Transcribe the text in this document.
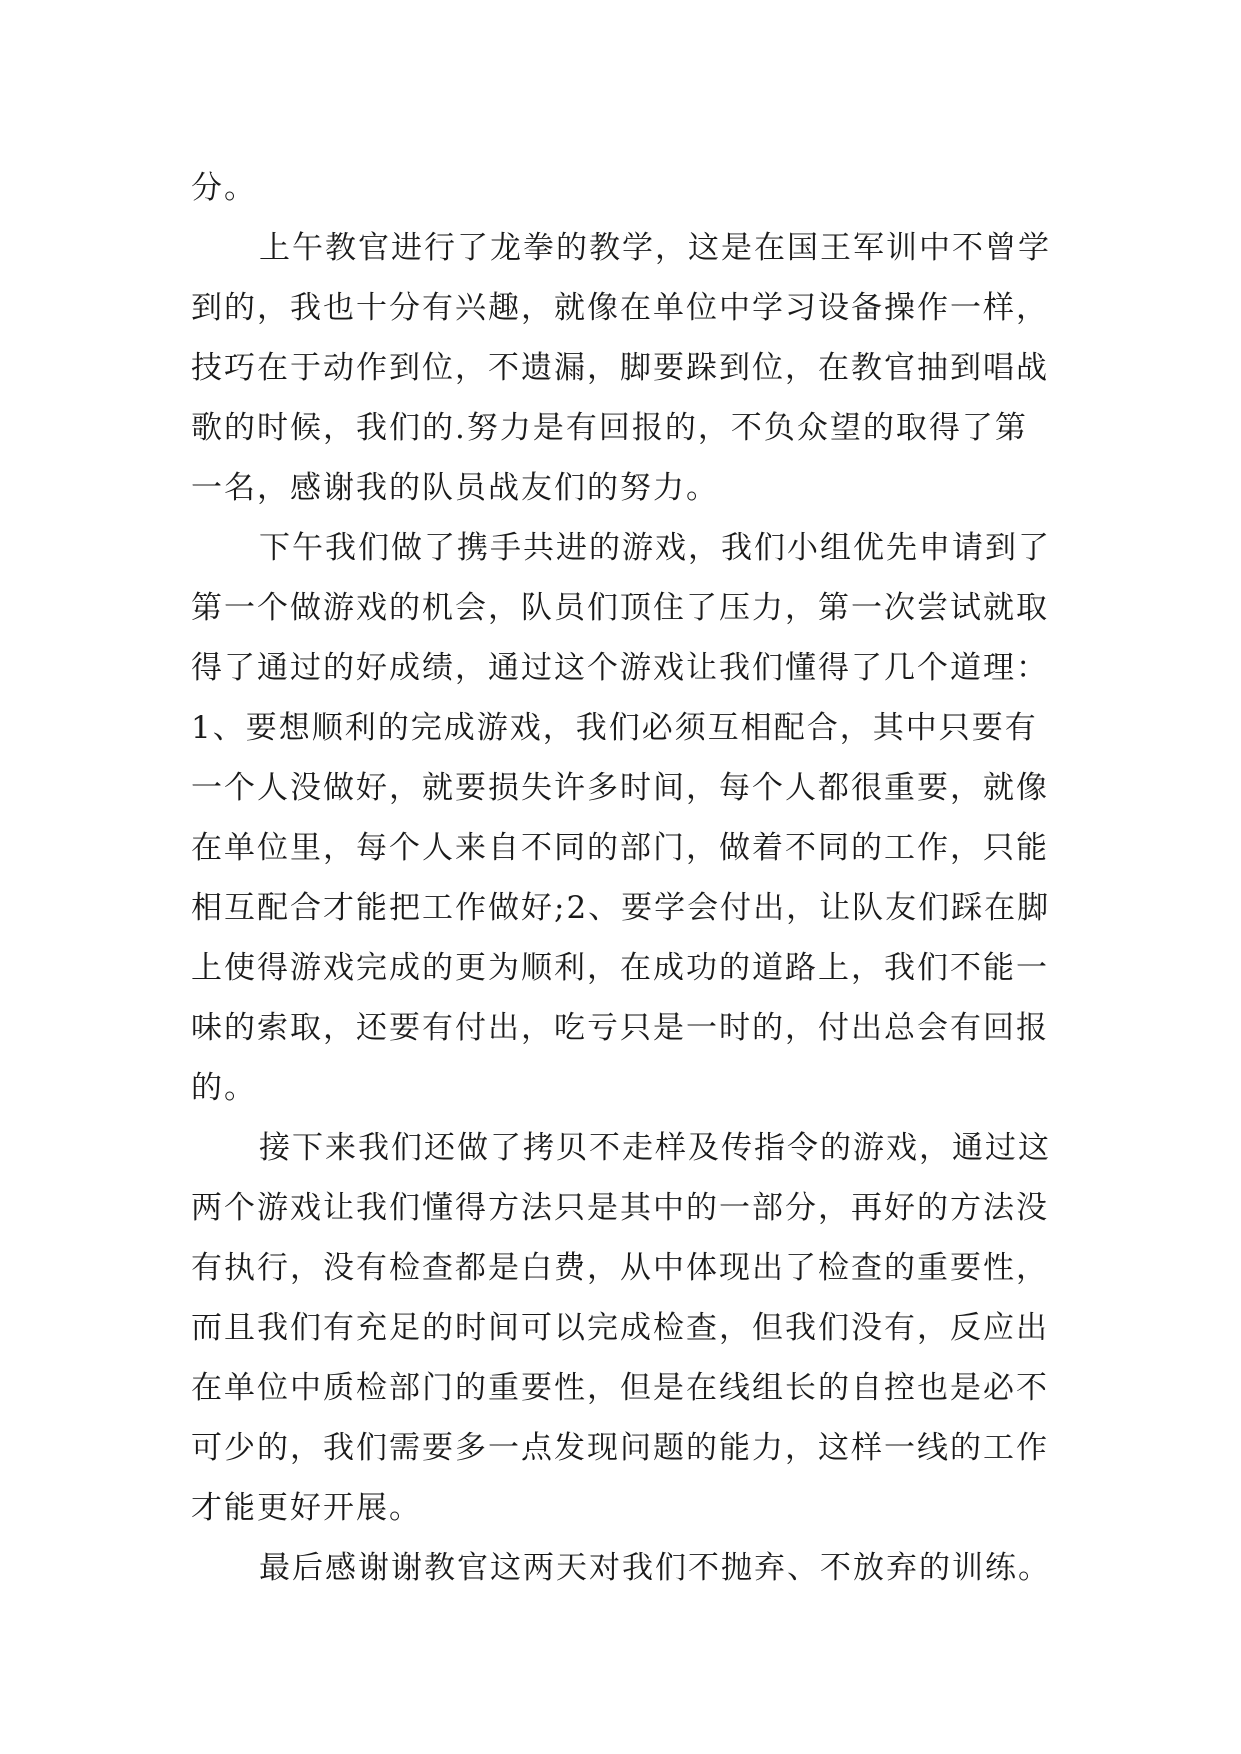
分。
上午教官进行了龙拳的教学，这是在国王军训中不曾学
到的，我也十分有兴趣，就像在单位中学习设备操作一样，
技巧在于动作到位，不遗漏，脚要跺到位，在教官抽到唱战
歌的时候，我们的.努力是有回报的，不负众望的取得了第
一名，感谢我的队员战友们的努力。
下午我们做了携手共进的游戏，我们小组优先申请到了
第一个做游戏的机会，队员们顶住了压力，第一次尝试就取
得了通过的好成绩，通过这个游戏让我们懂得了几个道理：
1、要想顺利的完成游戏，我们必须互相配合，其中只要有
一个人没做好，就要损失许多时间，每个人都很重要，就像
在单位里，每个人来自不同的部门，做着不同的工作，只能
相互配合才能把工作做好;2、要学会付出，让队友们踩在脚
上使得游戏完成的更为顺利，在成功的道路上，我们不能一
味的索取，还要有付出，吃亏只是一时的，付出总会有回报
的。
接下来我们还做了拷贝不走样及传指令的游戏，通过这
两个游戏让我们懂得方法只是其中的一部分，再好的方法没
有执行，没有检查都是白费，从中体现出了检查的重要性，
而且我们有充足的时间可以完成检查，但我们没有，反应出
在单位中质检部门的重要性，但是在线组长的自控也是必不
可少的，我们需要多一点发现问题的能力，这样一线的工作
才能更好开展。
最后感谢谢教官这两天对我们不抛弃、不放弃的训练。
